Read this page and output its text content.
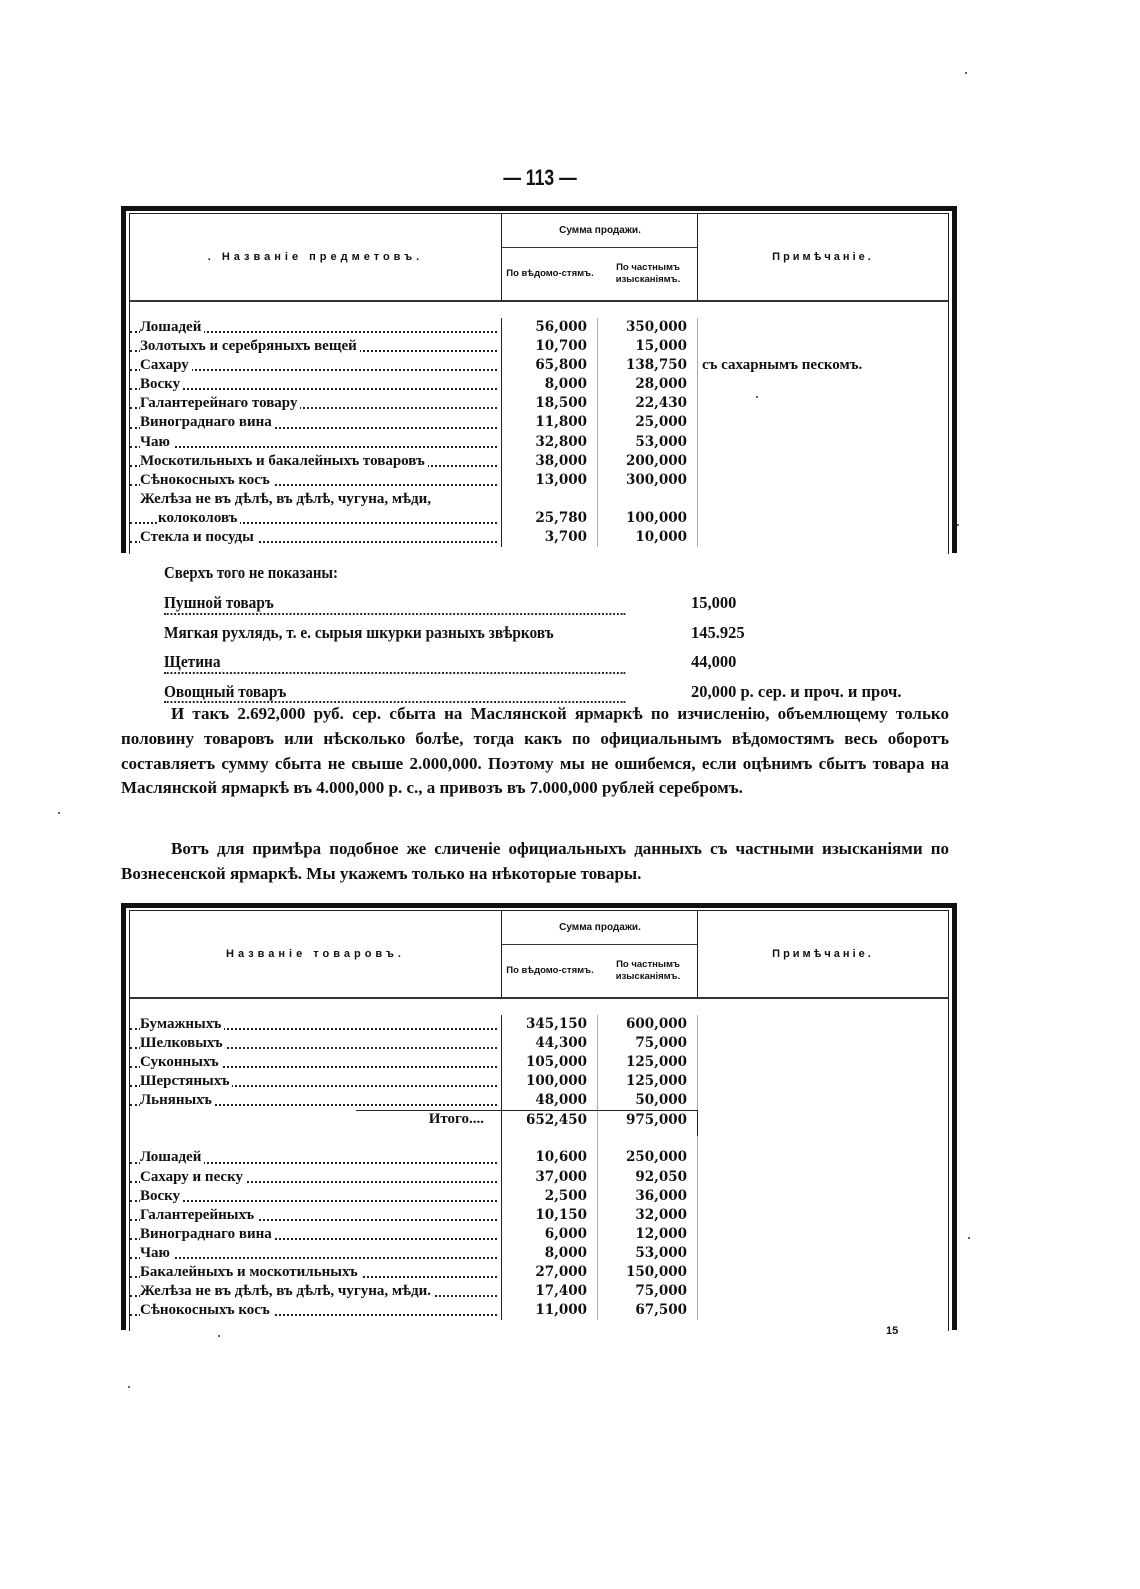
— 113 —
. Названіе предметовъ.
Сумма продажи.
По вѣдомо-стямъ.
По частнымъ изысканіямъ.
Примѣчаніе.
Лошадей	56,000	350,000
Золотыхъ и серебряныхъ вещей	10,700	15,000
Сахару	65,800	138,750	съ сахарнымъ пескомъ.
Воску	8,000	28,000
Галантерейнаго товару	18,500	22,430
Винограднаго вина	11,800	25,000
Чаю	32,800	53,000
Москотильныхъ и бакалейныхъ товаровъ	38,000	200,000
Сѣнокосныхъ косъ	13,000	300,000
Желѣза не въ дѣлѣ, въ дѣлѣ, чугуна, мѣди,
колоколовъ	25,780	100,000
Стекла и посуды	3,700	10,000
Сверхъ того не показаны:
Пушной товаръ	15,000
Мягкая рухлядь, т. е. сырыя шкурки разныхъ звѣрковъ	145.925
Щетина	44,000
Овощный товаръ	20,000 р. сер. и проч. и проч.

И такъ 2.692,000 руб. сер. сбыта на Маслянской ярмаркѣ по изчисленію, объемлющему только половину товаровъ или нѣсколько болѣе, тогда какъ по официальнымъ вѣдомостямъ весь оборотъ составляетъ сумму сбыта не свыше 2.000,000. Поэтому мы не ошибемся, если оцѣнимъ сбытъ товара на Маслянской ярмаркѣ въ 4.000,000 р. с., а привозъ въ 7.000,000 рублей серебромъ.

Вотъ для примѣра подобное же сличеніе официальныхъ данныхъ съ частными изысканіями по Вознесенской ярмаркѣ. Мы укажемъ только на нѣкоторые товары.

Названіе товаровъ.
Сумма продажи.
По вѣдомо-стямъ.
По частнымъ изысканіямъ.
Примѣчаніе.
Бумажныхъ	345,150	600,000
Шелковыхъ	44,300	75,000
Суконныхъ	105,000	125,000
Шерстяныхъ	100,000	125,000
Льняныхъ	48,000	50,000
Итого....	652,450	975,000
Лошадей	10,600	250,000
Сахару и песку	37,000	92,050
Воску	2,500	36,000
Галантерейныхъ	10,150	32,000
Винограднаго вина	6,000	12,000
Чаю	8,000	53,000
Бакалейныхъ и москотильныхъ	27,000	150,000
Желѣза не въ дѣлѣ, въ дѣлѣ, чугуна, мѣди.	17,400	75,000
Сѣнокосныхъ косъ	11,000	67,500
15
